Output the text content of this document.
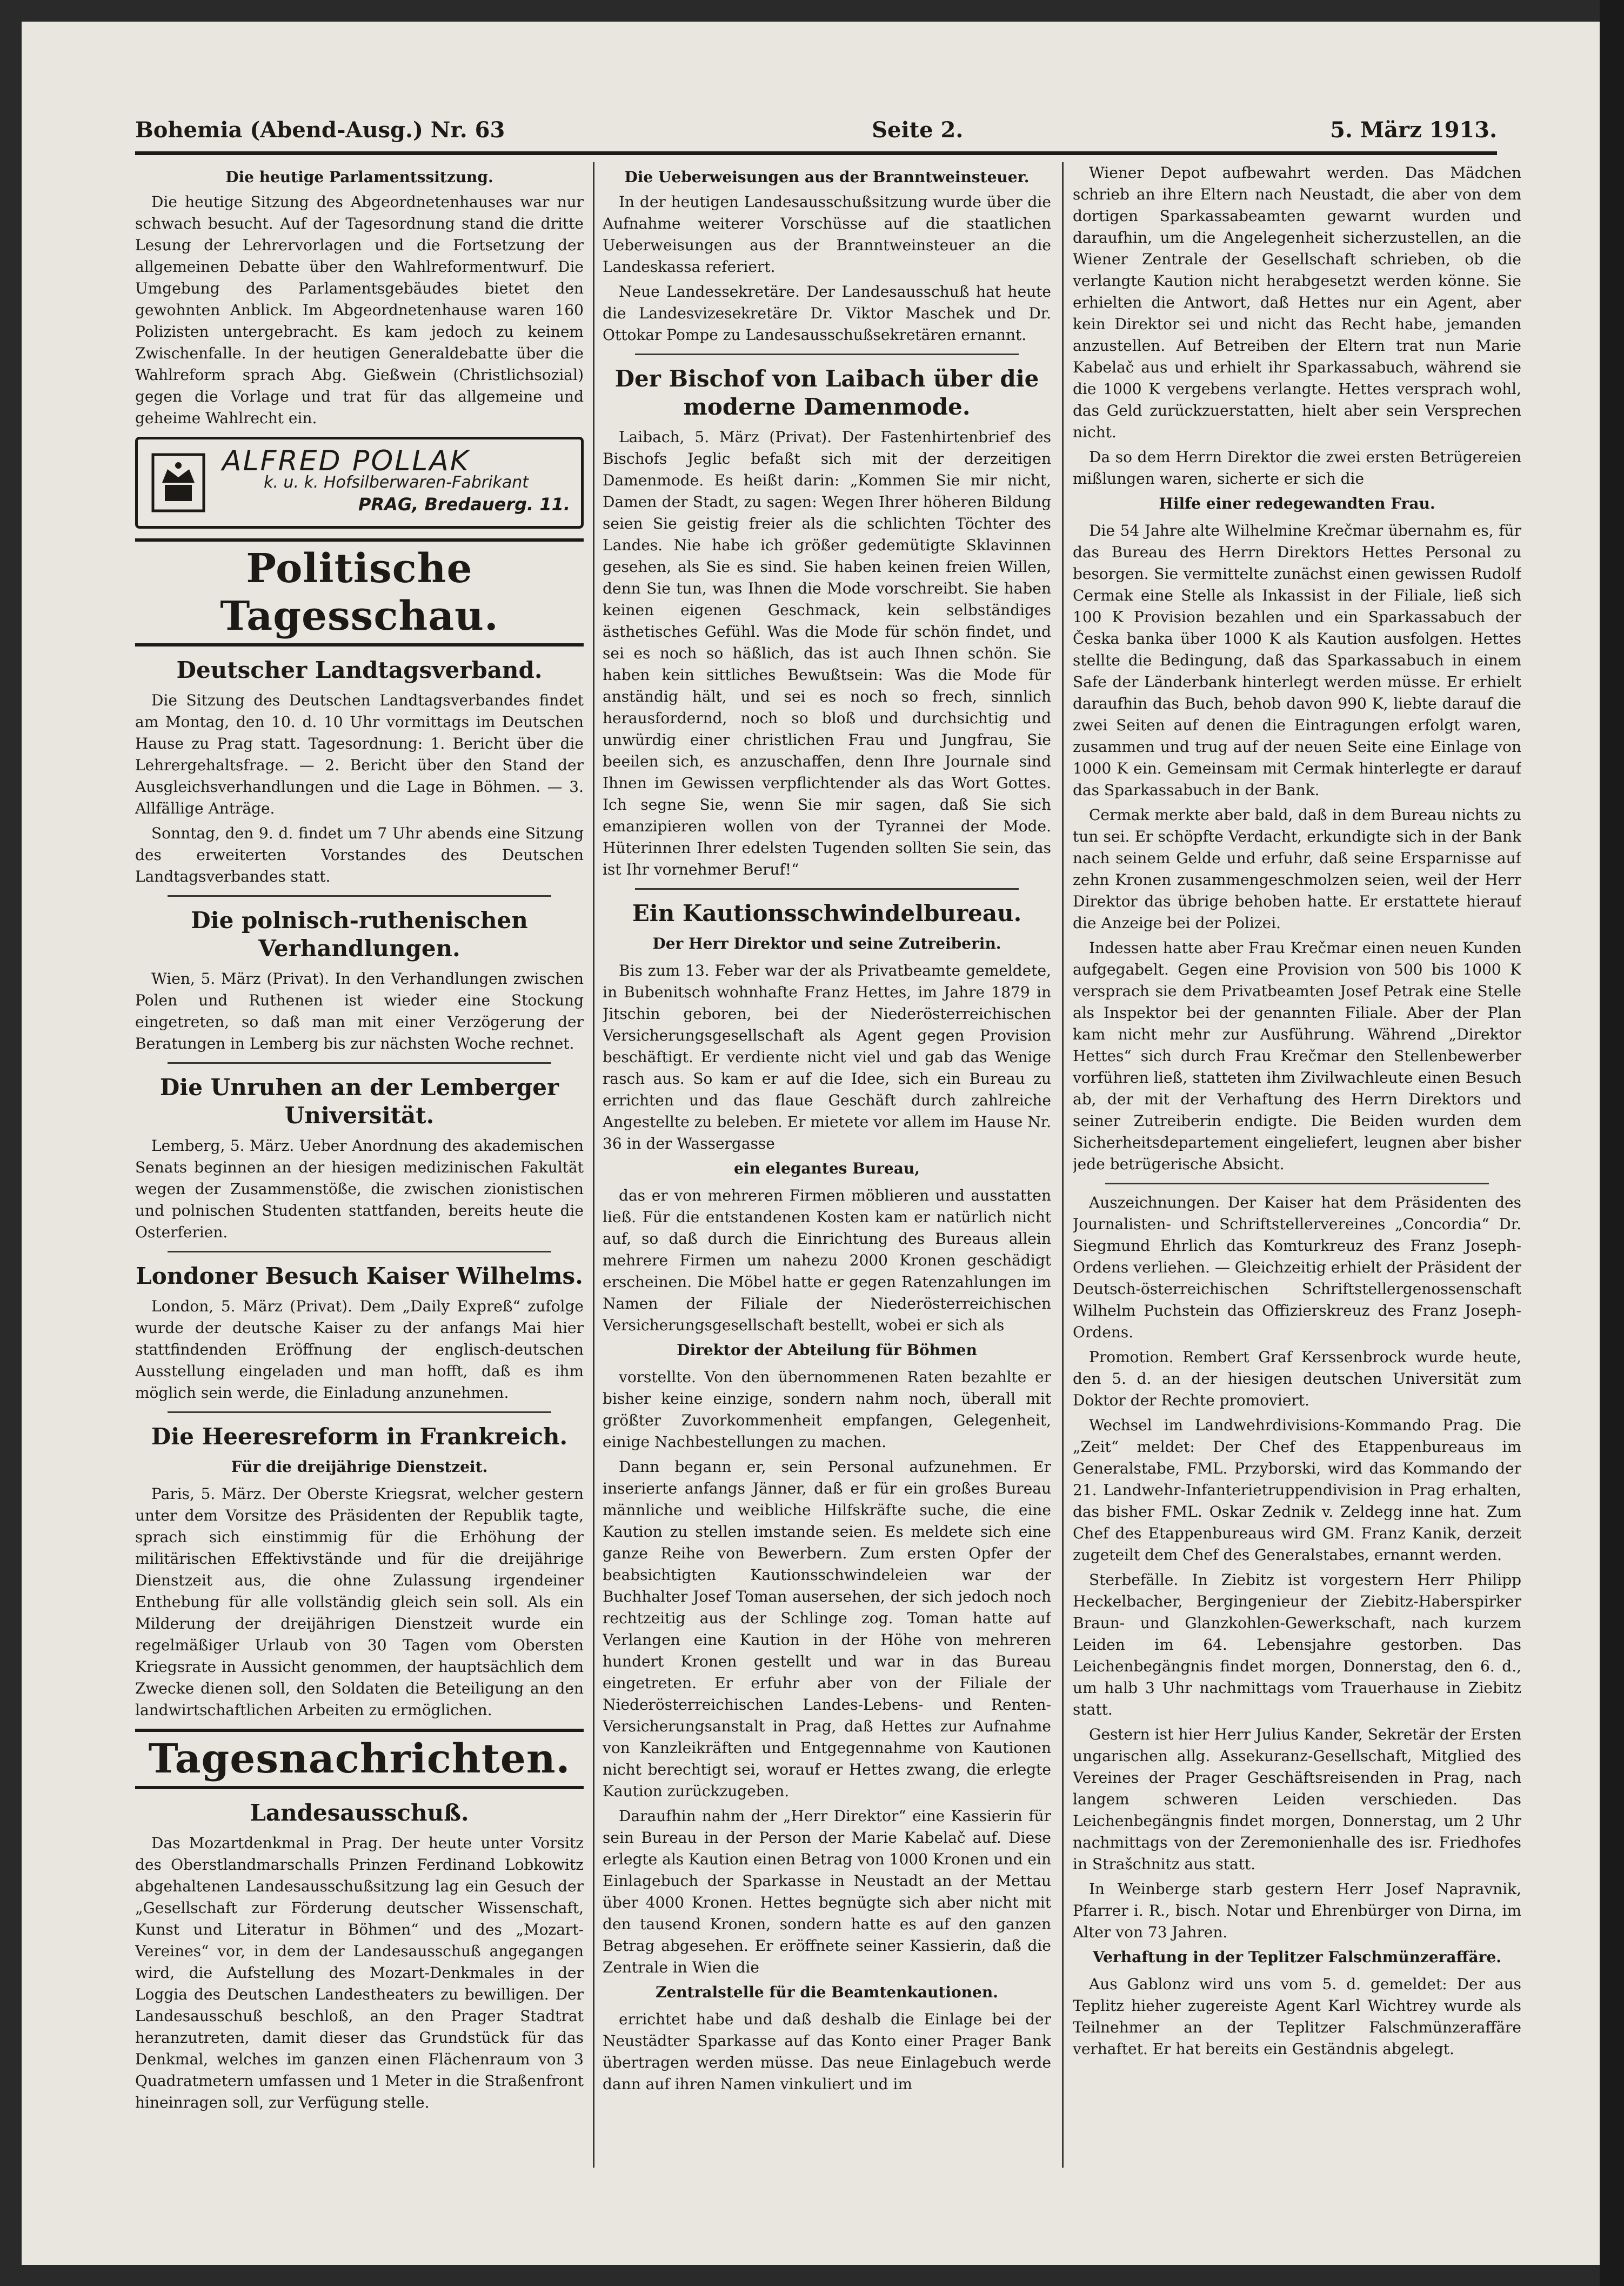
Bohemia (Abend-Ausg.) Nr. 63	Seite 2.	5. März 1913.
Die heutige Parlamentssitzung.

Die heutige Sitzung des Abgeordnetenhauses war nur schwach besucht. Auf der Tagesordnung stand die dritte Lesung der Lehrervorlagen und die Fortsetzung der allgemeinen Debatte über den Wahlreformentwurf. Die Umgebung des Parlamentsgebäudes bietet den gewohnten Anblick. Im Abgeordnetenhause waren 160 Polizisten untergebracht. Es kam jedoch zu keinem Zwischenfalle. In der heutigen Generaldebatte über die Wahlreform sprach Abg. Gießwein (Christlichsozial) gegen die Vorlage und trat für das allgemeine und geheime Wahlrecht ein.

ALFRED POLLAK
k. u. k. Hofsilberwaren-Fabrikant
PRAG, Bredauerg. 11.
Politische Tagesschau.
Deutscher Landtagsverband.

Die Sitzung des Deutschen Landtagsverbandes findet am Montag, den 10. d. 10 Uhr vormittags im Deutschen Hause zu Prag statt. Tagesordnung: 1. Bericht über die Lehrergehaltsfrage. — 2. Bericht über den Stand der Ausgleichsverhandlungen und die Lage in Böhmen. — 3. Allfällige Anträge.

Sonntag, den 9. d. findet um 7 Uhr abends eine Sitzung des erweiterten Vorstandes des Deutschen Landtagsverbandes statt.

Die polnisch-ruthenischen Verhandlungen.

Wien, 5. März (Privat). In den Verhandlungen zwischen Polen und Ruthenen ist wieder eine Stockung eingetreten, so daß man mit einer Verzögerung der Beratungen in Lemberg bis zur nächsten Woche rechnet.

Die Unruhen an der Lemberger Universität.

Lemberg, 5. März. Ueber Anordnung des akademischen Senats beginnen an der hiesigen medizinischen Fakultät wegen der Zusammenstöße, die zwischen zionistischen und polnischen Studenten stattfanden, bereits heute die Osterferien.

Londoner Besuch Kaiser Wilhelms.

London, 5. März (Privat). Dem „Daily Expreß“ zufolge wurde der deutsche Kaiser zu der anfangs Mai hier stattfindenden Eröffnung der englisch-deutschen Ausstellung eingeladen und man hofft, daß es ihm möglich sein werde, die Einladung anzunehmen.

Die Heeresreform in Frankreich.
Für die dreijährige Dienstzeit.

Paris, 5. März. Der Oberste Kriegsrat, welcher gestern unter dem Vorsitze des Präsidenten der Republik tagte, sprach sich einstimmig für die Erhöhung der militärischen Effektivstände und für die dreijährige Dienstzeit aus, die ohne Zulassung irgendeiner Enthebung für alle vollständig gleich sein soll. Als ein Milderung der dreijährigen Dienstzeit wurde ein regelmäßiger Urlaub von 30 Tagen vom Obersten Kriegsrate in Aussicht genommen, der hauptsächlich dem Zwecke dienen soll, den Soldaten die Beteiligung an den landwirtschaftlichen Arbeiten zu ermöglichen.

Tagesnachrichten.
Landesausschuß.

Das Mozartdenkmal in Prag. Der heute unter Vorsitz des Oberstlandmarschalls Prinzen Ferdinand Lobkowitz abgehaltenen Landesausschußsitzung lag ein Gesuch der „Gesellschaft zur Förderung deutscher Wissenschaft, Kunst und Literatur in Böhmen“ und des „Mozart-Vereines“ vor, in dem der Landesausschuß angegangen wird, die Aufstellung des Mozart-Denkmales in der Loggia des Deutschen Landestheaters zu bewilligen. Der Landesausschuß beschloß, an den Prager Stadtrat heranzutreten, damit dieser das Grundstück für das Denkmal, welches im ganzen einen Flächenraum von 3 Quadratmetern umfassen und 1 Meter in die Straßenfront hineinragen soll, zur Verfügung stelle.

Die Ueberweisungen aus der Branntweinsteuer.

In der heutigen Landesausschußsitzung wurde über die Aufnahme weiterer Vorschüsse auf die staatlichen Ueberweisungen aus der Branntweinsteuer an die Landeskassa referiert.

Neue Landessekretäre. Der Landesausschuß hat heute die Landesvizesekretäre Dr. Viktor Maschek und Dr. Ottokar Pompe zu Landesausschußsekretären ernannt.

Der Bischof von Laibach über die moderne Damenmode.

Laibach, 5. März (Privat). Der Fastenhirtenbrief des Bischofs Jeglic befaßt sich mit der derzeitigen Damenmode. Es heißt darin: „Kommen Sie mir nicht, Damen der Stadt, zu sagen: Wegen Ihrer höheren Bildung seien Sie geistig freier als die schlichten Töchter des Landes. Nie habe ich größer gedemütigte Sklavinnen gesehen, als Sie es sind. Sie haben keinen freien Willen, denn Sie tun, was Ihnen die Mode vorschreibt. Sie haben keinen eigenen Geschmack, kein selbständiges ästhetisches Gefühl. Was die Mode für schön findet, und sei es noch so häßlich, das ist auch Ihnen schön. Sie haben kein sittliches Bewußtsein: Was die Mode für anständig hält, und sei es noch so frech, sinnlich herausfordernd, noch so bloß und durchsichtig und unwürdig einer christlichen Frau und Jungfrau, Sie beeilen sich, es anzuschaffen, denn Ihre Journale sind Ihnen im Gewissen verpflichtender als das Wort Gottes. Ich segne Sie, wenn Sie mir sagen, daß Sie sich emanzipieren wollen von der Tyrannei der Mode. Hüterinnen Ihrer edelsten Tugenden sollten Sie sein, das ist Ihr vornehmer Beruf!“

Ein Kautionsschwindelbureau.
Der Herr Direktor und seine Zutreiberin.

Bis zum 13. Feber war der als Privatbeamte gemeldete, in Bubenitsch wohnhafte Franz Hettes, im Jahre 1879 in Jitschin geboren, bei der Niederösterreichischen Versicherungsgesellschaft als Agent gegen Provision beschäftigt. Er verdiente nicht viel und gab das Wenige rasch aus. So kam er auf die Idee, sich ein Bureau zu errichten und das flaue Geschäft durch zahlreiche Angestellte zu beleben. Er mietete vor allem im Hause Nr. 36 in der Wassergasse

ein elegantes Bureau,

das er von mehreren Firmen möblieren und ausstatten ließ. Für die entstandenen Kosten kam er natürlich nicht auf, so daß durch die Einrichtung des Bureaus allein mehrere Firmen um nahezu 2000 Kronen geschädigt erscheinen. Die Möbel hatte er gegen Ratenzahlungen im Namen der Filiale der Niederösterreichischen Versicherungsgesellschaft bestellt, wobei er sich als

Direktor der Abteilung für Böhmen

vorstellte. Von den übernommenen Raten bezahlte er bisher keine einzige, sondern nahm noch, überall mit größter Zuvorkommenheit empfangen, Gelegenheit, einige Nachbestellungen zu machen.

Dann begann er, sein Personal aufzunehmen. Er inserierte anfangs Jänner, daß er für ein großes Bureau männliche und weibliche Hilfskräfte suche, die eine Kaution zu stellen imstande seien. Es meldete sich eine ganze Reihe von Bewerbern. Zum ersten Opfer der beabsichtigten Kautionsschwindeleien war der Buchhalter Josef Toman ausersehen, der sich jedoch noch rechtzeitig aus der Schlinge zog. Toman hatte auf Verlangen eine Kaution in der Höhe von mehreren hundert Kronen gestellt und war in das Bureau eingetreten. Er erfuhr aber von der Filiale der Niederösterreichischen Landes-Lebens- und Renten-Versicherungsanstalt in Prag, daß Hettes zur Aufnahme von Kanzleikräften und Entgegennahme von Kautionen nicht berechtigt sei, worauf er Hettes zwang, die erlegte Kaution zurückzugeben.

Daraufhin nahm der „Herr Direktor“ eine Kassierin für sein Bureau in der Person der Marie Kabelač auf. Diese erlegte als Kaution einen Betrag von 1000 Kronen und ein Einlagebuch der Sparkasse in Neustadt an der Mettau über 4000 Kronen. Hettes begnügte sich aber nicht mit den tausend Kronen, sondern hatte es auf den ganzen Betrag abgesehen. Er eröffnete seiner Kassierin, daß die Zentrale in Wien die

Zentralstelle für die Beamtenkautionen.

errichtet habe und daß deshalb die Einlage bei der Neustädter Sparkasse auf das Konto einer Prager Bank übertragen werden müsse. Das neue Einlagebuch werde dann auf ihren Namen vinkuliert und im

Wiener Depot aufbewahrt werden. Das Mädchen schrieb an ihre Eltern nach Neustadt, die aber von dem dortigen Sparkassabeamten gewarnt wurden und daraufhin, um die Angelegenheit sicherzustellen, an die Wiener Zentrale der Gesellschaft schrieben, ob die verlangte Kaution nicht herabgesetzt werden könne. Sie erhielten die Antwort, daß Hettes nur ein Agent, aber kein Direktor sei und nicht das Recht habe, jemanden anzustellen. Auf Betreiben der Eltern trat nun Marie Kabelač aus und erhielt ihr Sparkassabuch, während sie die 1000 K vergebens verlangte. Hettes versprach wohl, das Geld zurückzuerstatten, hielt aber sein Versprechen nicht.

Da so dem Herrn Direktor die zwei ersten Betrügereien mißlungen waren, sicherte er sich die

Hilfe einer redegewandten Frau.

Die 54 Jahre alte Wilhelmine Krečmar übernahm es, für das Bureau des Herrn Direktors Hettes Personal zu besorgen. Sie vermittelte zunächst einen gewissen Rudolf Cermak eine Stelle als Inkassist in der Filiale, ließ sich 100 K Provision bezahlen und ein Sparkassabuch der Česka banka über 1000 K als Kaution ausfolgen. Hettes stellte die Bedingung, daß das Sparkassabuch in einem Safe der Länderbank hinterlegt werden müsse. Er erhielt daraufhin das Buch, behob davon 990 K, liebte darauf die zwei Seiten auf denen die Eintragungen erfolgt waren, zusammen und trug auf der neuen Seite eine Einlage von 1000 K ein. Gemeinsam mit Cermak hinterlegte er darauf das Sparkassabuch in der Bank.

Cermak merkte aber bald, daß in dem Bureau nichts zu tun sei. Er schöpfte Verdacht, erkundigte sich in der Bank nach seinem Gelde und erfuhr, daß seine Ersparnisse auf zehn Kronen zusammengeschmolzen seien, weil der Herr Direktor das übrige behoben hatte. Er erstattete hierauf die Anzeige bei der Polizei.

Indessen hatte aber Frau Krečmar einen neuen Kunden aufgegabelt. Gegen eine Provision von 500 bis 1000 K versprach sie dem Privatbeamten Josef Petrak eine Stelle als Inspektor bei der genannten Filiale. Aber der Plan kam nicht mehr zur Ausführung. Während „Direktor Hettes“ sich durch Frau Krečmar den Stellenbewerber vorführen ließ, statteten ihm Zivilwachleute einen Besuch ab, der mit der Verhaftung des Herrn Direktors und seiner Zutreiberin endigte. Die Beiden wurden dem Sicherheitsdepartement eingeliefert, leugnen aber bisher jede betrügerische Absicht.

Auszeichnungen. Der Kaiser hat dem Präsidenten des Journalisten- und Schriftstellervereines „Concordia“ Dr. Siegmund Ehrlich das Komturkreuz des Franz Joseph-Ordens verliehen. — Gleichzeitig erhielt der Präsident der Deutsch-österreichischen Schriftstellergenossenschaft Wilhelm Puchstein das Offizierskreuz des Franz Joseph-Ordens.

Promotion. Rembert Graf Kerssenbrock wurde heute, den 5. d. an der hiesigen deutschen Universität zum Doktor der Rechte promoviert.

Wechsel im Landwehrdivisions-Kommando Prag. Die „Zeit“ meldet: Der Chef des Etappenbureaus im Generalstabe, FML. Przyborski, wird das Kommando der 21. Landwehr-Infanterietruppendivision in Prag erhalten, das bisher FML. Oskar Zednik v. Zeldegg inne hat. Zum Chef des Etappenbureaus wird GM. Franz Kanik, derzeit zugeteilt dem Chef des Generalstabes, ernannt werden.

Sterbefälle. In Ziebitz ist vorgestern Herr Philipp Heckelbacher, Bergingenieur der Ziebitz-Haberspirker Braun- und Glanzkohlen-Gewerkschaft, nach kurzem Leiden im 64. Lebensjahre gestorben. Das Leichenbegängnis findet morgen, Donnerstag, den 6. d., um halb 3 Uhr nachmittags vom Trauerhause in Ziebitz statt.

Gestern ist hier Herr Julius Kander, Sekretär der Ersten ungarischen allg. Assekuranz-Gesellschaft, Mitglied des Vereines der Prager Geschäftsreisenden in Prag, nach langem schweren Leiden verschieden. Das Leichenbegängnis findet morgen, Donnerstag, um 2 Uhr nachmittags von der Zeremonienhalle des isr. Friedhofes in Strašchnitz aus statt.

In Weinberge starb gestern Herr Josef Napravnik, Pfarrer i. R., bisch. Notar und Ehrenbürger von Dirna, im Alter von 73 Jahren.

Verhaftung in der Teplitzer Falschmünzeraffäre.

Aus Gablonz wird uns vom 5. d. gemeldet: Der aus Teplitz hieher zugereiste Agent Karl Wichtrey wurde als Teilnehmer an der Teplitzer Falschmünzeraffäre verhaftet. Er hat bereits ein Geständnis abgelegt.
